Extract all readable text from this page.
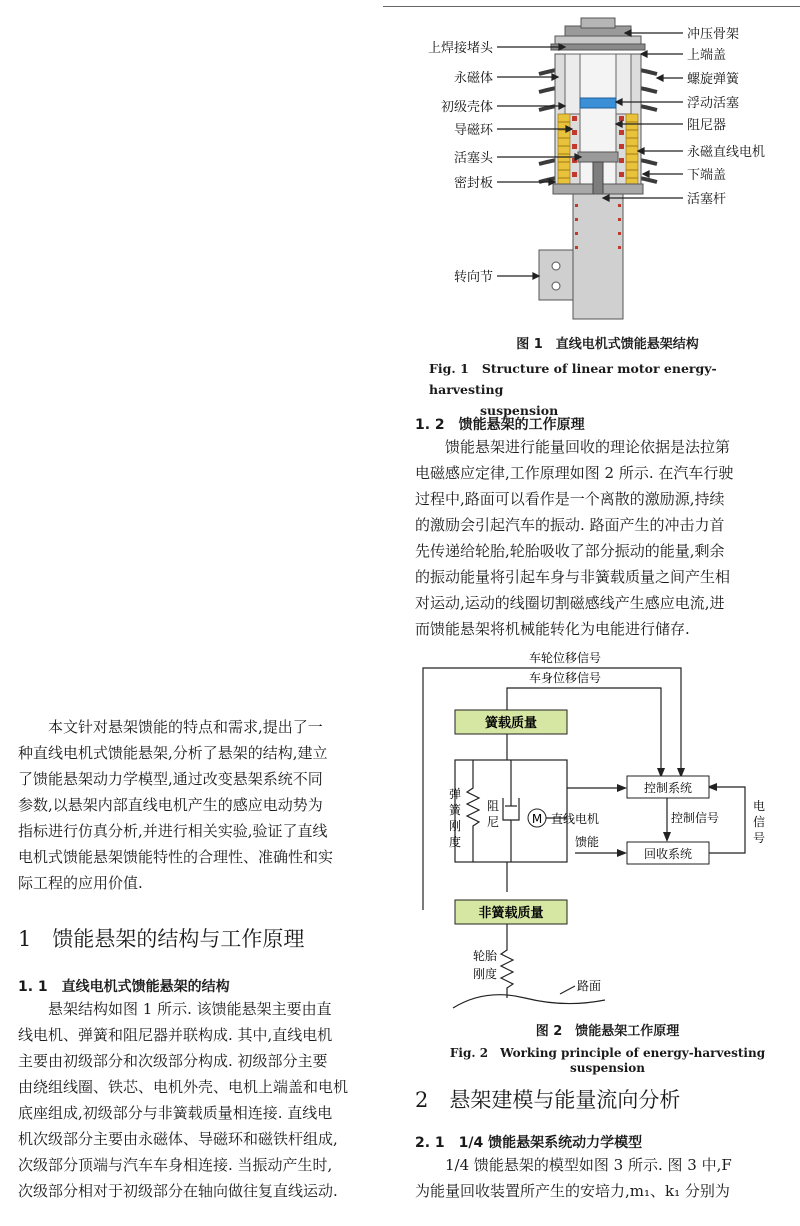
上焊接堵头
永磁体
初级壳体
导磁环
活塞头
密封板
转向节
冲压骨架
上端盖
螺旋弹簧
浮动活塞
阻尼器
永磁直线电机
下端盖
活塞杆
图 1　直线电机式馈能悬架结构
Fig. 1 Structure of linear motor energy-harvesting
suspension
1. 2　馈能悬架的工作原理
馈能悬架进行能量回收的理论依据是法拉第
电磁感应定律,工作原理如图 2 所示. 在汽车行驶
过程中,路面可以看作是一个离散的激励源,持续
的激励会引起汽车的振动. 路面产生的冲击力首
先传递给轮胎,轮胎吸收了部分振动的能量,剩余
的振动能量将引起车身与非簧载质量之间产生相
对运动,运动的线圈切割磁感线产生感应电流,进
而馈能悬架将机械能转化为电能进行储存.
簧载质量
控制系统
回收系统
非簧载质量
M 直线电机
车轮位移信号
车身位移信号
控制信号
馈能
电
信
号
弹
簧
刚
度
阻
尼
轮胎
刚度
路面
图 2　馈能悬架工作原理
Fig. 2　Working principle of energy-harvesting suspension
本文针对悬架馈能的特点和需求,提出了一
种直线电机式馈能悬架,分析了悬架的结构,建立
了馈能悬架动力学模型,通过改变悬架系统不同
参数,以悬架内部直线电机产生的感应电动势为
指标进行仿真分析,并进行相关实验,验证了直线
电机式馈能悬架馈能特性的合理性、准确性和实
际工程的应用价值.
1　馈能悬架的结构与工作原理
1. 1　直线电机式馈能悬架的结构
悬架结构如图 1 所示. 该馈能悬架主要由直
线电机、弹簧和阻尼器并联构成. 其中,直线电机
主要由初级部分和次级部分构成. 初级部分主要
由绕组线圈、铁芯、电机外壳、电机上端盖和电机
底座组成,初级部分与非簧载质量相连接. 直线电
机次级部分主要由永磁体、导磁环和磁铁杆组成,
次级部分顶端与汽车车身相连接. 当振动产生时,
次级部分相对于初级部分在轴向做往复直线运动.
2　悬架建模与能量流向分析
2. 1　1/4 馈能悬架系统动力学模型
1/4 馈能悬架的模型如图 3 所示. 图 3 中,F
为能量回收装置所产生的安培力,m₁、k₁ 分别为
